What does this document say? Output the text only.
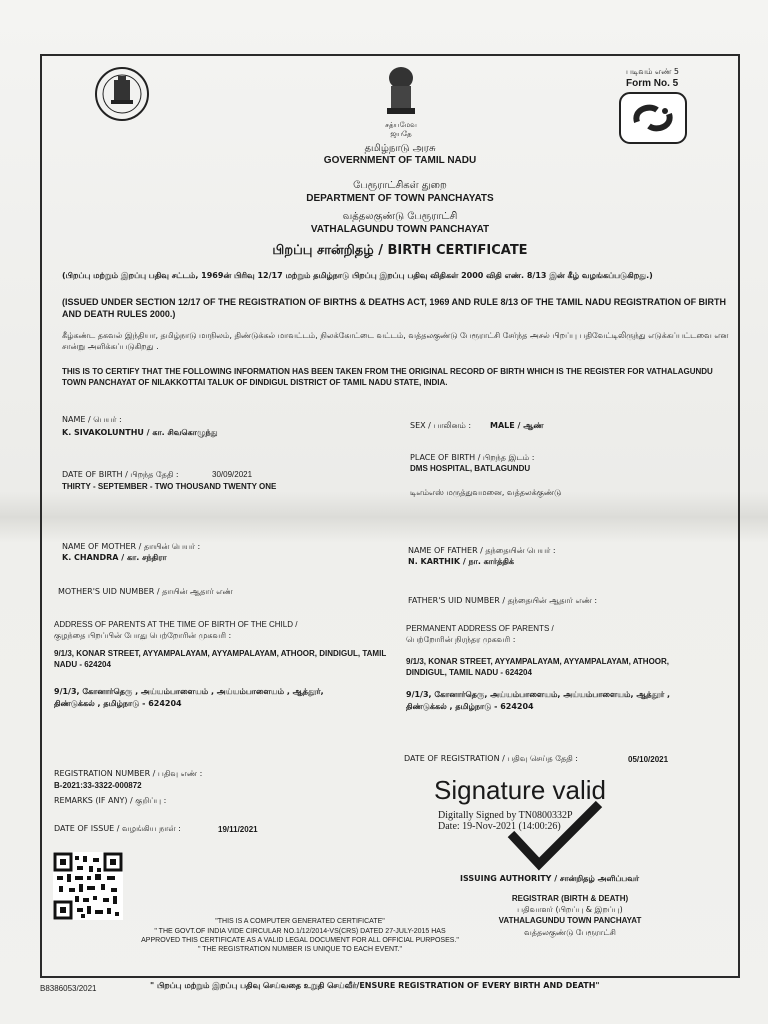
சத்யமேவ ஜயதே
படிவம் எண் 5
Form No. 5
தமிழ்நாடு அரசு
GOVERNMENT OF TAMIL NADU
பேரூராட்சிகள் துறை
DEPARTMENT OF TOWN PANCHAYATS
வத்தலகுண்டு பேரூராட்சி
VATHALAGUNDU TOWN PANCHAYAT
பிறப்பு சான்றிதழ் / BIRTH CERTIFICATE
(பிறப்பு மற்றும் இறப்பு பதிவு சட்டம், 1969ன் பிரிவு 12/17 மற்றும் தமிழ்நாடு பிறப்பு இறப்பு பதிவு விதிகள் 2000 விதி எண். 8/13 இன் கீழ் வழங்கப்படுகிறது.)
(ISSUED UNDER SECTION 12/17 OF THE REGISTRATION OF BIRTHS & DEATHS ACT, 1969 AND RULE 8/13 OF THE TAMIL NADU REGISTRATION OF BIRTH AND DEATH RULES 2000.)
கீழ்கண்ட தகவல் இந்தியா, தமிழ்நாடு மாநிலம், திண்டுக்கல் மாவட்டம், நிலக்கோட்டை வட்டம், வத்தலகுண்டு பேரூராட்சி சேர்ந்த அசல் பிறப்பு பதிவேட்டிலிருந்து எடுக்கப்பட்டவை என சான்று அளிக்கப்படுகிறது .
THIS IS TO CERTIFY THAT THE FOLLOWING INFORMATION HAS BEEN TAKEN FROM THE ORIGINAL RECORD OF BIRTH WHICH IS THE REGISTER FOR VATHALAGUNDU TOWN PANCHAYAT OF NILAKKOTTAI TALUK OF DINDIGUL DISTRICT OF TAMIL NADU STATE, INDIA.
NAME / பெயர் :
K. SIVAKOLUNTHU / கா. சிவகொழுந்து
SEX / பாலினம் : MALE / ஆண்
DATE OF BIRTH / பிறந்த தேதி :	30/09/2021
THIRTY - SEPTEMBER - TWO THOUSAND TWENTY ONE
PLACE OF BIRTH / பிறந்த இடம் :
DMS HOSPITAL, BATLAGUNDU
டிஎம்எஸ் மருத்துவமனை, வத்தலக்குண்டு
NAME OF MOTHER / தாயின் பெயர் :
K. CHANDRA / கா. சந்திரா
NAME OF FATHER / தந்தையின் பெயர் :
N. KARTHIK / நா. கார்த்திக்
MOTHER'S UID NUMBER / தாயின் ஆதார் எண்
FATHER'S UID NUMBER / தந்தையின் ஆதார் எண் :
ADDRESS OF PARENTS AT THE TIME OF BIRTH OF THE CHILD /
குழந்தை பிறப்பின் போது பெற்றோரின் முகவரி :
9/1/3, KONAR STREET, AYYAMPALAYAM, AYYAMPALAYAM, ATHOOR, DINDIGUL, TAMIL NADU - 624204
9/1/3, கோனார்தெரு , அய்யம்பாளையம் , அய்யம்பாளையம் , ஆத்தூர், திண்டுக்கல் , தமிழ்நாடு - 624204
PERMANENT ADDRESS OF PARENTS /
பெற்றோரின் நிரந்தர முகவரி :
9/1/3, KONAR STREET, AYYAMPALAYAM, AYYAMPALAYAM, ATHOOR, DINDIGUL, TAMIL NADU - 624204
9/1/3, கோனார்தெரு, அய்யம்பாளையம், அய்யம்பாளையம், ஆத்தூர் , திண்டுக்கல் , தமிழ்நாடு - 624204
DATE OF REGISTRATION / பதிவு செய்த தேதி :	05/10/2021
REGISTRATION NUMBER / பதிவு எண் :
B-2021:33-3322-000872
REMARKS (IF ANY) / குறிப்பு :
DATE OF ISSUE / வழங்கிய நாள் :	19/11/2021
Signature valid
Digitally Signed by TN0800332P
Date: 19-Nov-2021 (14:00:26)
ISSUING AUTHORITY / சான்றிதழ் அளிப்பவர்
REGISTRAR (BIRTH & DEATH)
பதிவாளர் (பிறப்பு & இறப்பு)
VATHALAGUNDU TOWN PANCHAYAT
வத்தலகுண்டு பேரூராட்சி
"THIS IS A COMPUTER GENERATED CERTIFICATE"
" THE GOVT.OF INDIA VIDE CIRCULAR NO.1/12/2014-VS(CRS) DATED 27-JULY-2015 HAS
APPROVED THIS CERTIFICATE AS A VALID LEGAL DOCUMENT FOR ALL OFFICIAL PURPOSES."
" THE REGISTRATION NUMBER IS UNIQUE TO EACH EVENT."
B8386053/2021	" பிறப்பு மற்றும் இறப்பு பதிவு செய்வதை உறுதி செய்வீர்/ENSURE REGISTRATION OF EVERY BIRTH AND DEATH"
